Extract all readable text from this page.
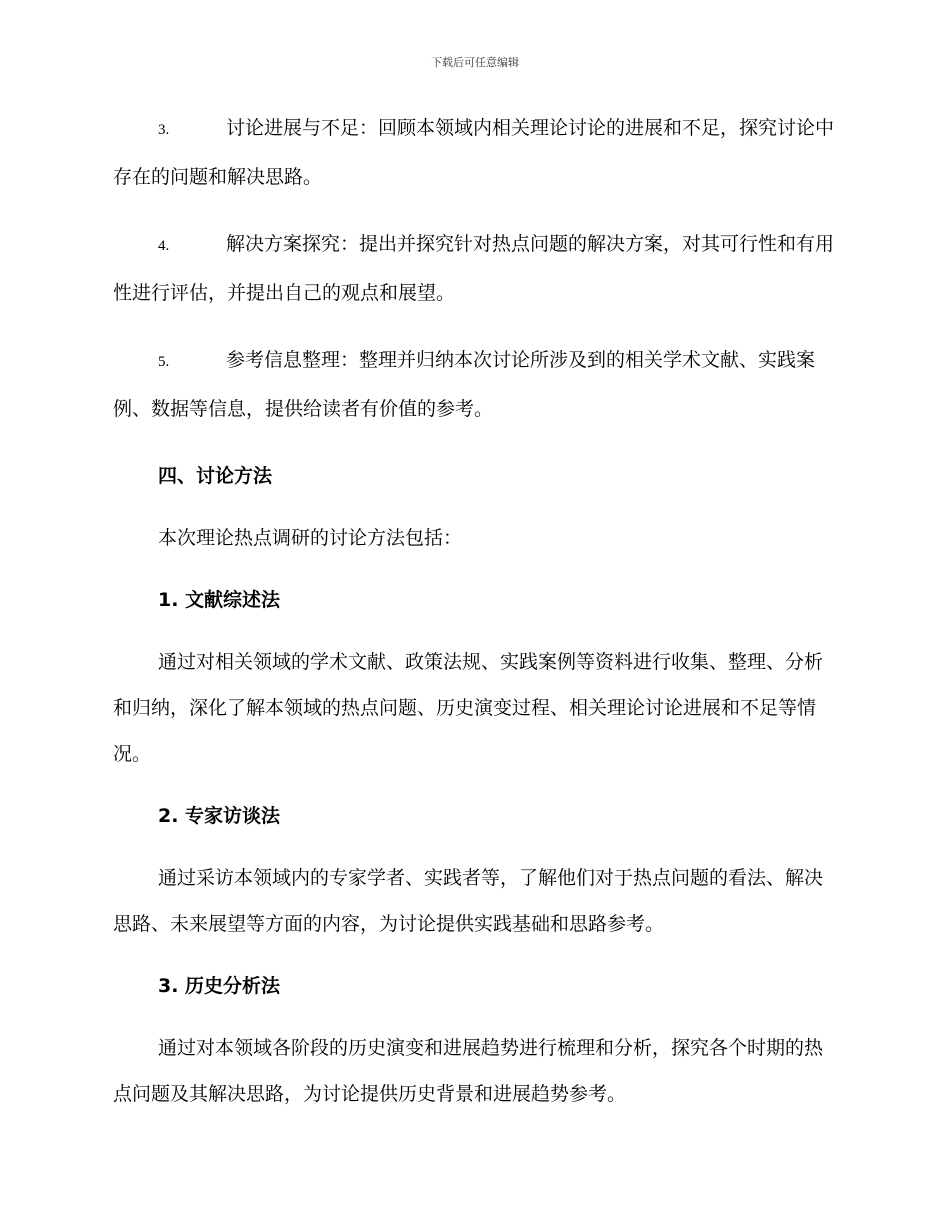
下载后可任意编辑

3.	讨论进展与不足：回顾本领域内相关理论讨论的进展和不足，探究讨论中存在的问题和解决思路。

4.	解决方案探究：提出并探究针对热点问题的解决方案，对其可行性和有用性进行评估，并提出自己的观点和展望。

5.	参考信息整理：整理并归纳本次讨论所涉及到的相关学术文献、实践案例、数据等信息，提供给读者有价值的参考。

四、讨论方法

本次理论热点调研的讨论方法包括：

1. 文献综述法

通过对相关领域的学术文献、政策法规、实践案例等资料进行收集、整理、分析和归纳，深化了解本领域的热点问题、历史演变过程、相关理论讨论进展和不足等情况。

2. 专家访谈法

通过采访本领域内的专家学者、实践者等，了解他们对于热点问题的看法、解决思路、未来展望等方面的内容，为讨论提供实践基础和思路参考。

3. 历史分析法

通过对本领域各阶段的历史演变和进展趋势进行梳理和分析，探究各个时期的热点问题及其解决思路，为讨论提供历史背景和进展趋势参考。
